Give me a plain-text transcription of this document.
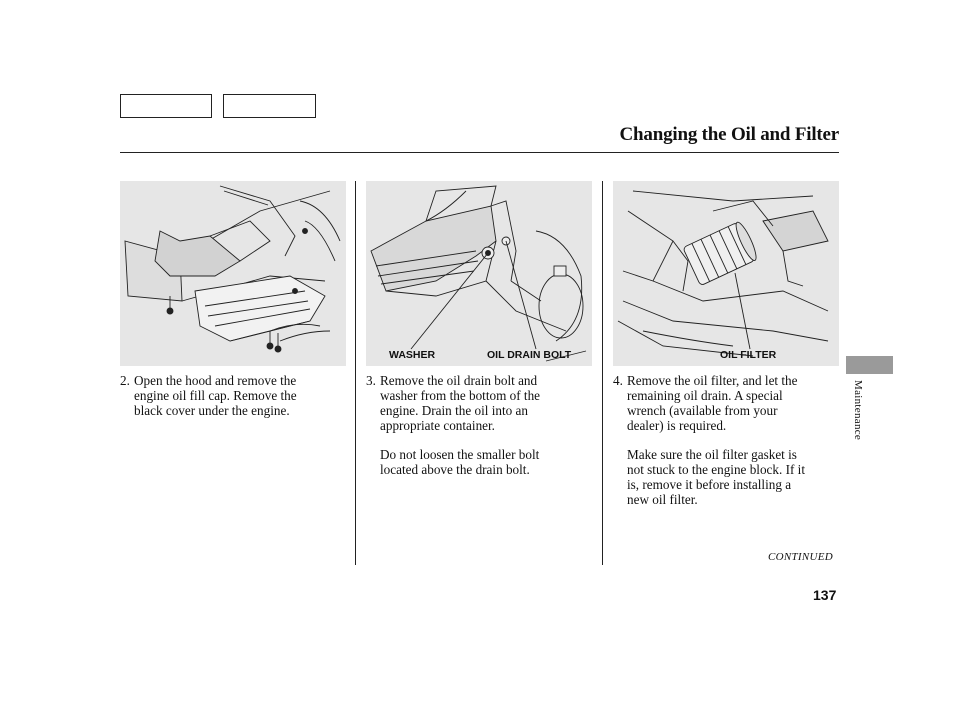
Changing the Oil and Filter
WASHER	OIL DRAIN BOLT	OIL FILTER
2. Open the hood and remove the

engine oil fill cap. Remove the

black cover under the engine.

3. Remove the oil drain bolt and

washer from the bottom of the

engine. Drain the oil into an

appropriate container.

Do not loosen the smaller bolt

located above the drain bolt.

4. Remove the oil filter, and let the

remaining oil drain. A special

wrench (available from your

dealer) is required.

Make sure the oil filter gasket is

not stuck to the engine block. If it

is, remove it before installing a

new oil filter.

CONTINUED
137
Maintenance
